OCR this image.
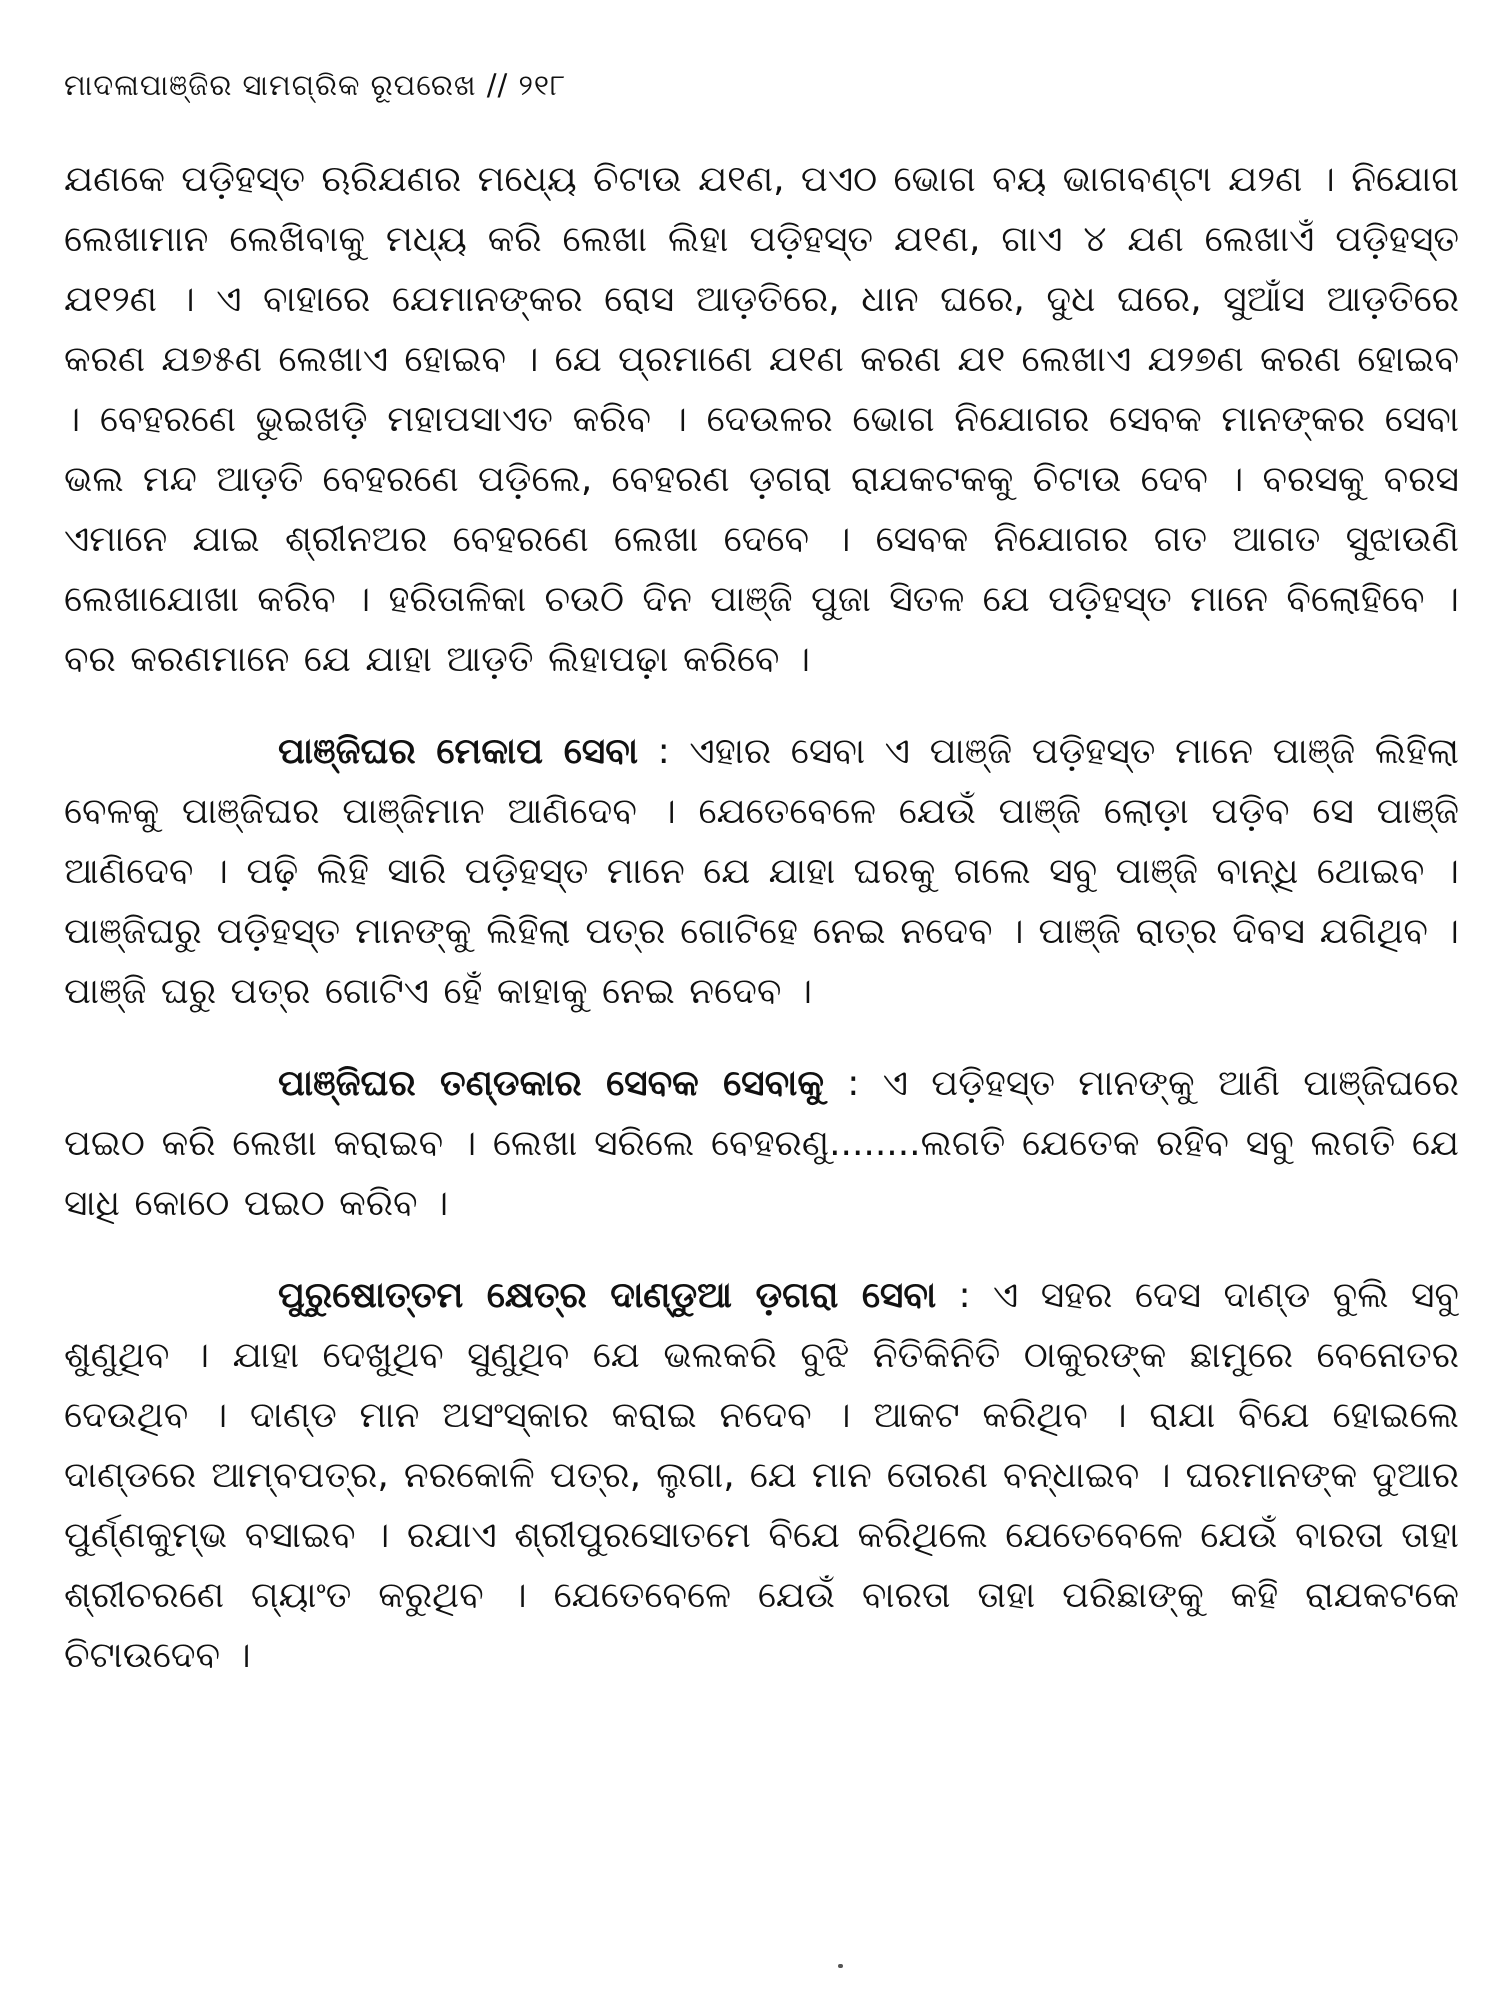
ମାଦଳାପାଞ୍ଜିର ସାମଗ୍ରିକ ରୂପରେଖ // ୨୧୮

ଯଣକେ ପଡ଼ିହସ୍ତ ଋରିଯଣର ମଧ୍ୟେ ଚିଟାଉ ଯ୧ଣ, ପଏଠ ଭୋଗ ବୟ ଭାଗବଣ୍ଟା ଯ୨ଣ । ନିଯୋଗ ଲେଖାମାନ ଲେଖିବାକୁ ମଧ୍ୟ କରି ଲେଖା ଲିହା ପଡ଼ିହସ୍ତ ଯ୧ଣ, ଗାଏ ୪ ଯଣ ଲେଖାଏଁ ପଡ଼ିହସ୍ତ ଯ୧୨ଣ । ଏ ବାହାରେ ଯେମାନଙ୍କର ରୋସ ଆଡ଼ତିରେ, ଧାନ ଘରେ, ଦୁଧ ଘରେ, ସୁଆଁସ ଆଡ଼ତିରେ କରଣ ଯ୭୫ଣ ଲେଖାଏ ହୋଇବ । ଯେ ପ୍ରମାଣେ ଯ୧ଣ କରଣ ଯ୧ ଲେଖାଏ ଯ୨୭ଣ କରଣ ହୋଇବ । ବେହରଣେ ଭୁଇଖଡ଼ି ମହାପସାଏତ କରିବ । ଦେଉଳର ଭୋଗ ନିଯୋଗର ସେବକ ମାନଙ୍କର ସେବା ଭଲ ମନ୍ଦ ଆଡ଼ତି ବେହରଣେ ପଡ଼ିଲେ, ବେହରଣ ଡ଼ଗରା ରାଯକଟକକୁ ଚିଟାଉ ଦେବ । ବରସକୁ ବରସ ଏମାନେ ଯାଇ ଶ୍ରୀନଅର ବେହରଣେ ଲେଖା ଦେବେ । ସେବକ ନିଯୋଗର ଗତ ଆଗତ ସୁଝାଉଣି ଲେଖାଯୋଖା କରିବ । ହରିତାଳିକା ଚଉଠି ଦିନ ପାଞ୍ଜି ପୁଜା ସିତଳ ଯେ ପଡ଼ିହସ୍ତ ମାନେ ବିଲୋହିବେ । ବର କରଣମାନେ ଯେ ଯାହା ଆଡ଼ତି ଲିହାପଢ଼ା କରିବେ ।

ପାଞ୍ଜିଘର ମେକାପ ସେବା : ଏହାର ସେବା ଏ ପାଞ୍ଜି ପଡ଼ିହସ୍ତ ମାନେ ପାଞ୍ଜି ଲିହିଲା ବେଳକୁ ପାଞ୍ଜିଘର ପାଞ୍ଜିମାନ ଆଣିଦେବ । ଯେତେବେଳେ ଯେଉଁ ପାଞ୍ଜି ଲୋଡ଼ା ପଡ଼ିବ ସେ ପାଞ୍ଜି ଆଣିଦେବ । ପଢ଼ି ଲିହି ସାରି ପଡ଼ିହସ୍ତ ମାନେ ଯେ ଯାହା ଘରକୁ ଗଲେ ସବୁ ପାଞ୍ଜି ବାନ୍ଧି ଥୋଇବ । ପାଞ୍ଜିଘରୁ ପଡ଼ିହସ୍ତ ମାନଙ୍କୁ ଲିହିଲା ପତ୍ର ଗୋଟିହେ ନେଇ ନଦେବ । ପାଞ୍ଜି ରାତ୍ର ଦିବସ ଯଗିଥିବ । ପାଞ୍ଜି ଘରୁ ପତ୍ର ଗୋଟିଏ ହେଁ କାହାକୁ ନେଇ ନଦେବ ।

ପାଞ୍ଜିଘର ତଣ୍ଡକାର ସେବକ ସେବାକୁ : ଏ ପଡ଼ିହସ୍ତ ମାନଙ୍କୁ ଆଣି ପାଞ୍ଜିଘରେ ପଇଠ କରି ଲେଖା କରାଇବ । ଲେଖା ସରିଲେ ବେହରଣୁ........ଲଗତି ଯେତେକ ରହିବ ସବୁ ଲଗତି ଯେ ସାଧି କୋଠେ ପଇଠ କରିବ ।

ପୁରୁଷୋତ୍ତମ କ୍ଷେତ୍ର ଦାଣ୍ଡୁଆ ଡ଼ଗରା ସେବା : ଏ ସହର ଦେସ ଦାଣ୍ଡ ବୁଲି ସବୁ ଶୁଣୁଥିବ । ଯାହା ଦେଖୁଥିବ ସୁଣୁଥିବ ଯେ ଭଲକରି ବୁଝି ନିତିକିନିତି ଠାକୁରଙ୍କ ଛାମୁରେ ବେନୋତର ଦେଉଥିବ । ଦାଣ୍ଡ ମାନ ଅସଂସ୍କାର କରାଇ ନଦେବ । ଆକଟ କରିଥିବ । ରାଯା ବିଯେ ହୋଇଲେ ଦାଣ୍ଡରେ ଆମ୍ବପତ୍ର, ନରକୋଳି ପତ୍ର, ଲୁଗା, ଯେ ମାନ ତୋରଣ ବନ୍ଧାଇବ । ଘରମାନଙ୍କ ଦୁଆର ପୁର୍ଣ୍ଣକୁମ୍ଭ ବସାଇବ । ରଯାଏ ଶ୍ରୀପୁରସୋତମେ ବିଯେ କରିଥିଲେ ଯେତେବେଳେ ଯେଉଁ ବାରତା ତାହା ଶ୍ରୀଚରଣେ ଗ୍ୟାଂତ କରୁଥିବ । ଯେତେବେଳେ ଯେଉଁ ବାରତା ତାହା ପରିଛାଙ୍କୁ କହି ରାଯକଟକେ ଚିଟାଉଦେବ ।
